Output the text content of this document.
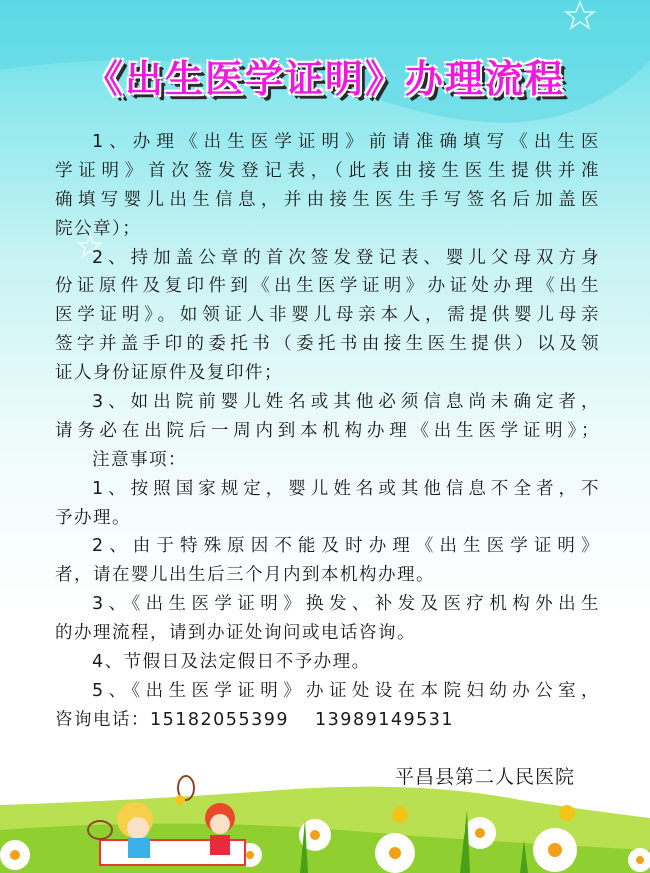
《出生医学证明》办理流程
1、办理《出生医学证明》前请准确填写《出生医
学证明》首次签发登记表，（此表由接生医生提供并准
确填写婴儿出生信息，并由接生医生手写签名后加盖医
院公章）；
2、持加盖公章的首次签发登记表、婴儿父母双方身
份证原件及复印件到《出生医学证明》办证处办理《出生
医学证明》。如领证人非婴儿母亲本人，需提供婴儿母亲
签字并盖手印的委托书（委托书由接生医生提供）以及领
证人身份证原件及复印件；
3、如出院前婴儿姓名或其他必须信息尚未确定者，
请务必在出院后一周内到本机构办理《出生医学证明》；
注意事项：
1、按照国家规定，婴儿姓名或其他信息不全者，不
予办理。
2、由于特殊原因不能及时办理《出生医学证明》
者，请在婴儿出生后三个月内到本机构办理。
3、《出生医学证明》换发、补发及医疗机构外出生
的办理流程，请到办证处询问或电话咨询。
4、节假日及法定假日不予办理。
5、《出生医学证明》办证处设在本院妇幼办公室，
咨询电话：15182055399　 13989149531
平昌县第二人民医院
